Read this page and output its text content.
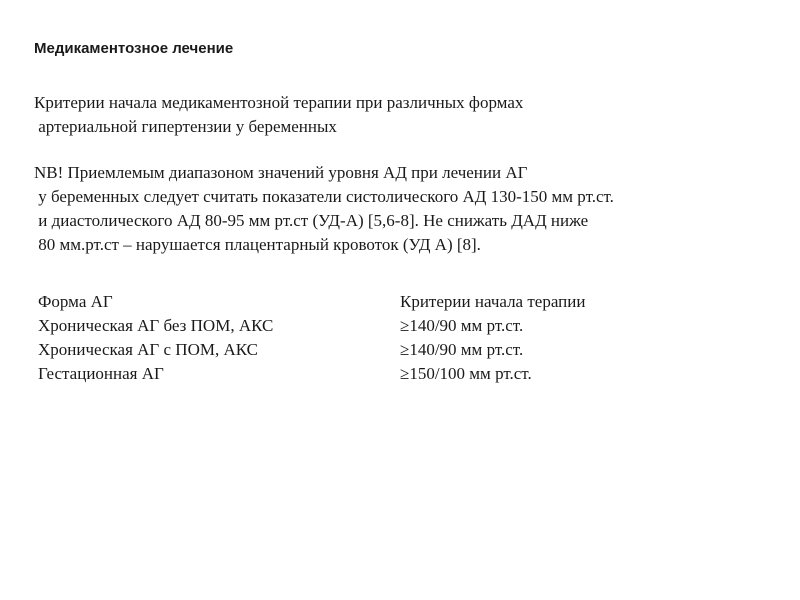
Медикаментозное лечение

Критерии начала медикаментозной терапии при различных формах
артериальной гипертензии у беременных

NB! Приемлемым диапазоном значений уровня АД при лечении АГ
у беременных следует считать показатели систолического АД 130-150 мм рт.ст.
и диастолического АД 80-95 мм рт.ст (УД-А) [5,6-8]. Не снижать ДАД ниже
80 мм.рт.ст – нарушается плацентарный кровоток (УД А) [8].

Форма АГ	Критерии начала терапии
Хроническая АГ без ПОМ, АКС	≥140/90 мм рт.ст.
Хроническая АГ с ПОМ, АКС	≥140/90 мм рт.ст.
Гестационная АГ	≥150/100 мм рт.ст.
